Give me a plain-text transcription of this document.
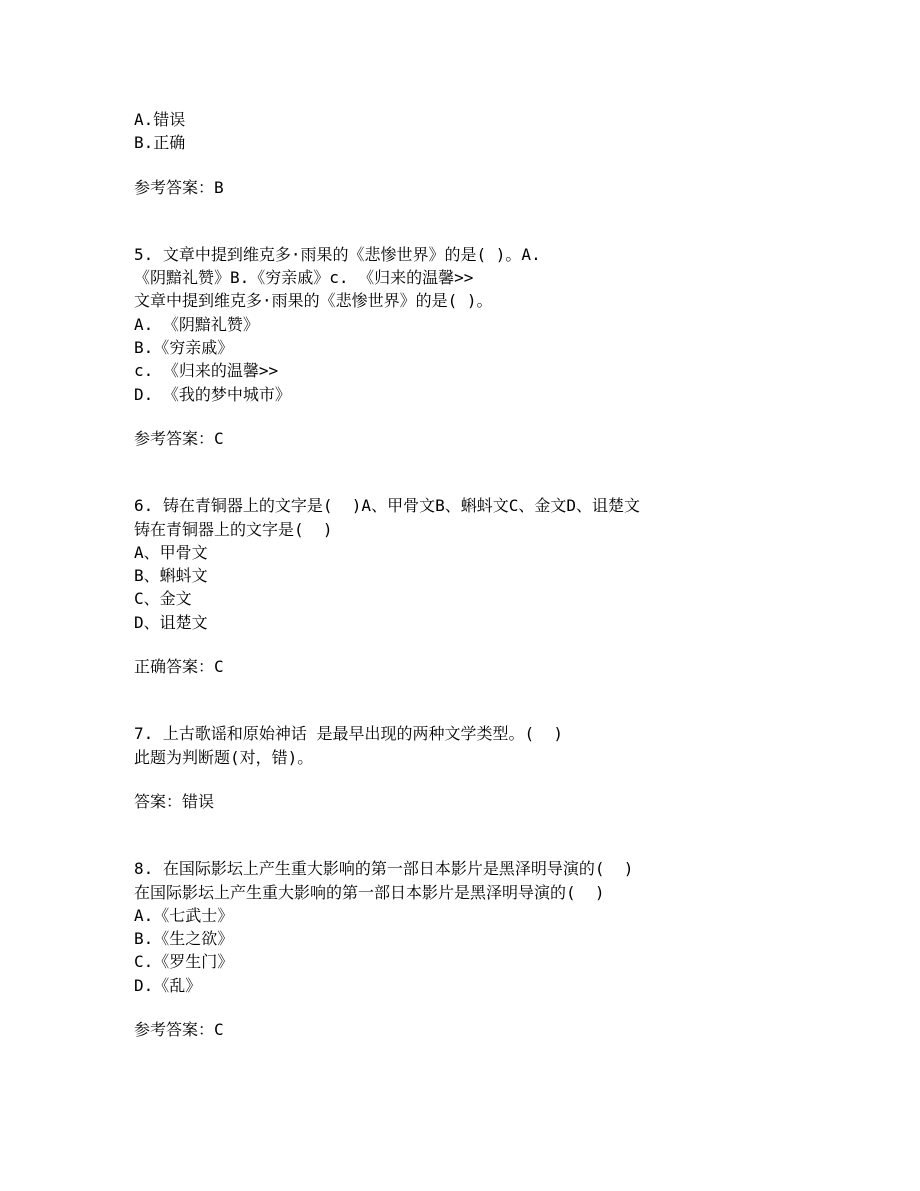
A.错误

B.正确

参考答案：B

5. 文章中提到维克多·雨果的《悲惨世界》的是( )。A.

《阴黯礼赞》B.《穷亲戚》c. 《归来的温馨>>

文章中提到维克多·雨果的《悲惨世界》的是( )。

A. 《阴黯礼赞》

B.《穷亲戚》

c. 《归来的温馨>>

D. 《我的梦中城市》

参考答案：C

6. 铸在青铜器上的文字是(  )A、甲骨文B、蝌蚪文C、金文D、诅楚文

铸在青铜器上的文字是(  )

A、甲骨文

B、蝌蚪文

C、金文

D、诅楚文

正确答案：C

7. 上古歌谣和原始神话 是最早出现的两种文学类型。(  )

此题为判断题(对，错)。

答案：错误

8. 在国际影坛上产生重大影响的第一部日本影片是黑泽明导演的(  )

在国际影坛上产生重大影响的第一部日本影片是黑泽明导演的(  )

A.《七武士》

B.《生之欲》

C.《罗生门》

D.《乱》

参考答案：C
